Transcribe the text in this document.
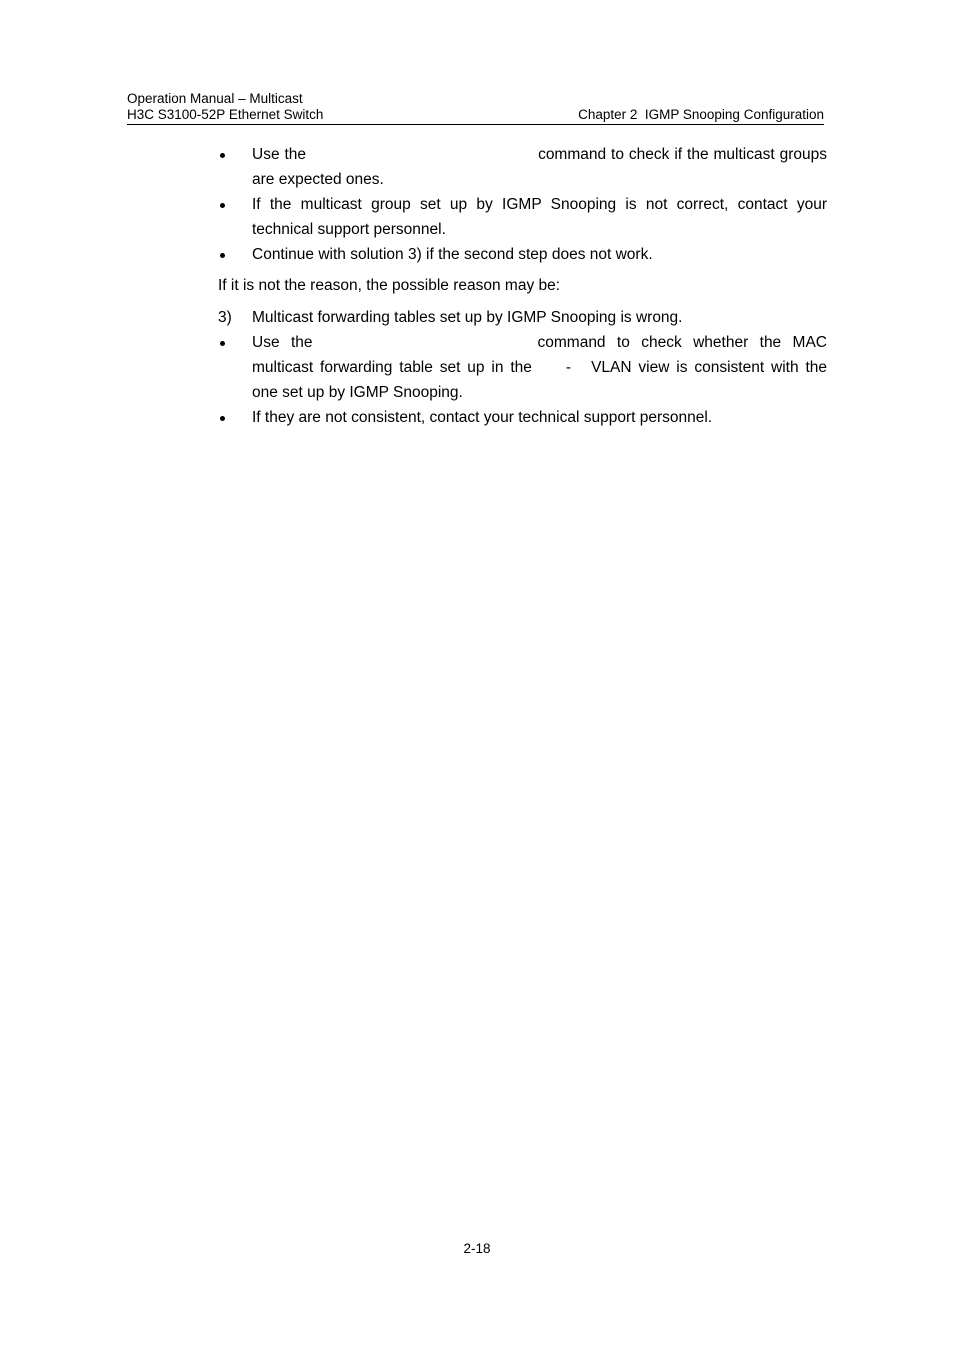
Operation Manual – Multicast
H3C S3100-52P Ethernet Switch	Chapter 2  IGMP Snooping Configuration
Use the	command to check if the multicast groups are expected ones.
If the multicast group set up by IGMP Snooping is not correct, contact your technical support personnel.
Continue with solution 3) if the second step does not work.
If it is not the reason, the possible reason may be:
3) Multicast forwarding tables set up by IGMP Snooping is wrong.
Use the	command to check whether the MAC multicast forwarding table set up in the - VLAN view is consistent with the one set up by IGMP Snooping.
If they are not consistent, contact your technical support personnel.
2-18
